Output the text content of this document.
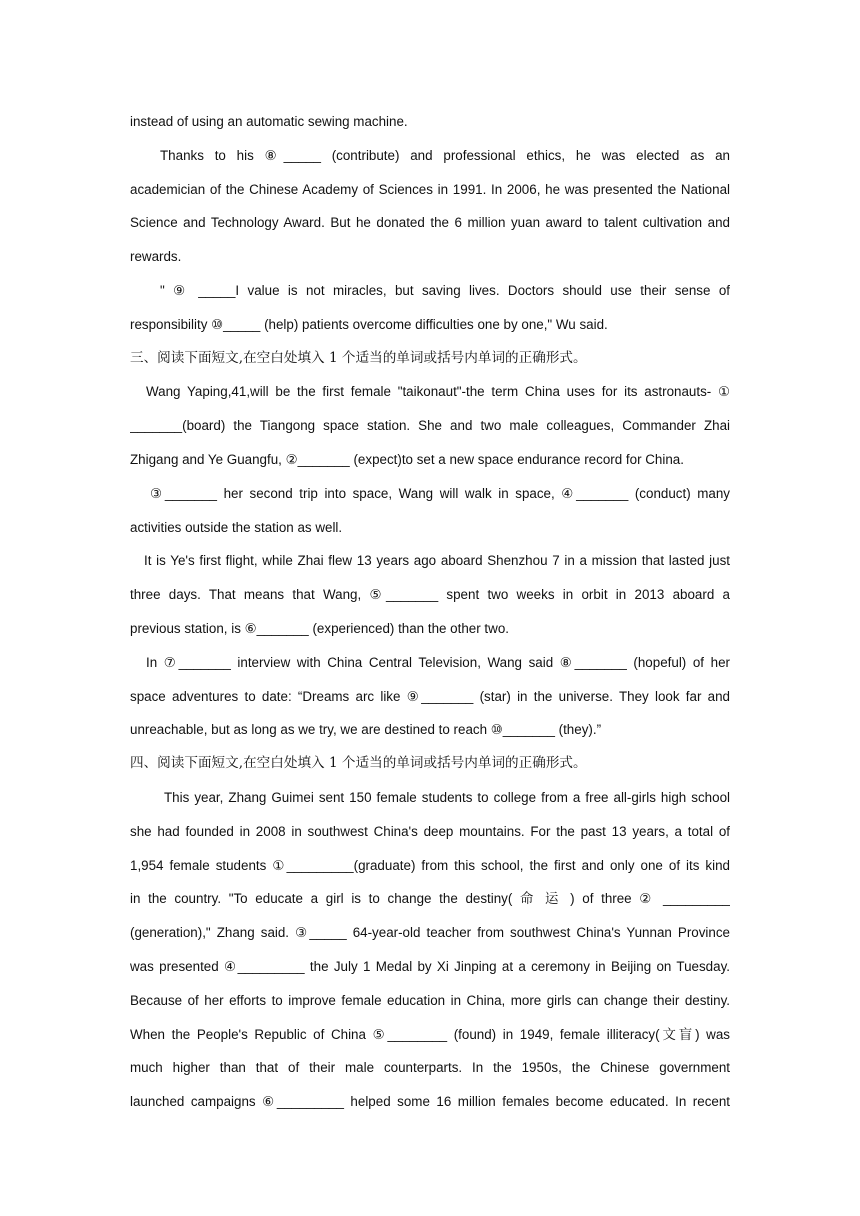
instead of using an automatic sewing machine.
Thanks to his ⑧_____ (contribute) and professional ethics, he was elected as an
academician of the Chinese Academy of Sciences in 1991. In 2006, he was presented the National
Science and Technology Award. But he donated the 6 million yuan award to talent cultivation and
rewards.
" ⑨ _____I value is not miracles, but saving lives. Doctors should use their sense of
responsibility ⑩_____ (help) patients overcome difficulties one by one," Wu said.
三、阅读下面短文,在空白处填入 1 个适当的单词或括号内单词的正确形式。
Wang Yaping,41,will be the first female "taikonaut"-the term China uses for its astronauts- ①
_______(board) the Tiangong space station. She and two male colleagues, Commander Zhai
Zhigang and Ye Guangfu, ②_______ (expect)to set a new space endurance record for China.
③_______ her second trip into space, Wang will walk in space, ④_______ (conduct) many
activities outside the station as well.
It is Ye's first flight, while Zhai flew 13 years ago aboard Shenzhou 7 in a mission that lasted just
three days. That means that Wang, ⑤_______ spent two weeks in orbit in 2013 aboard a
previous station, is ⑥_______ (experienced) than the other two.
In ⑦_______ interview with China Central Television, Wang said ⑧_______ (hopeful) of her
space adventures to date: “Dreams arc like ⑨_______ (star) in the universe. They look far and
unreachable, but as long as we try, we are destined to reach ⑩_______ (they).”
四、阅读下面短文,在空白处填入 1 个适当的单词或括号内单词的正确形式。
This year, Zhang Guimei sent 150 female students to college from a free all-girls high school
she had founded in 2008 in southwest China's deep mountains. For the past 13 years, a total of
1,954 female students ①_________(graduate) from this school, the first and only one of its kind
in the country. "To educate a girl is to change the destiny( 命 运 ) of three ② _________
(generation)," Zhang said. ③_____ 64-year-old teacher from southwest China's Yunnan Province
was presented ④_________ the July 1 Medal by Xi Jinping at a ceremony in Beijing on Tuesday.
Because of her efforts to improve female education in China, more girls can change their destiny.
When the People's Republic of China ⑤________ (found) in 1949, female illiteracy(文盲) was
much higher than that of their male counterparts. In the 1950s, the Chinese government
launched campaigns ⑥_________ helped some 16 million females become educated. In recent
